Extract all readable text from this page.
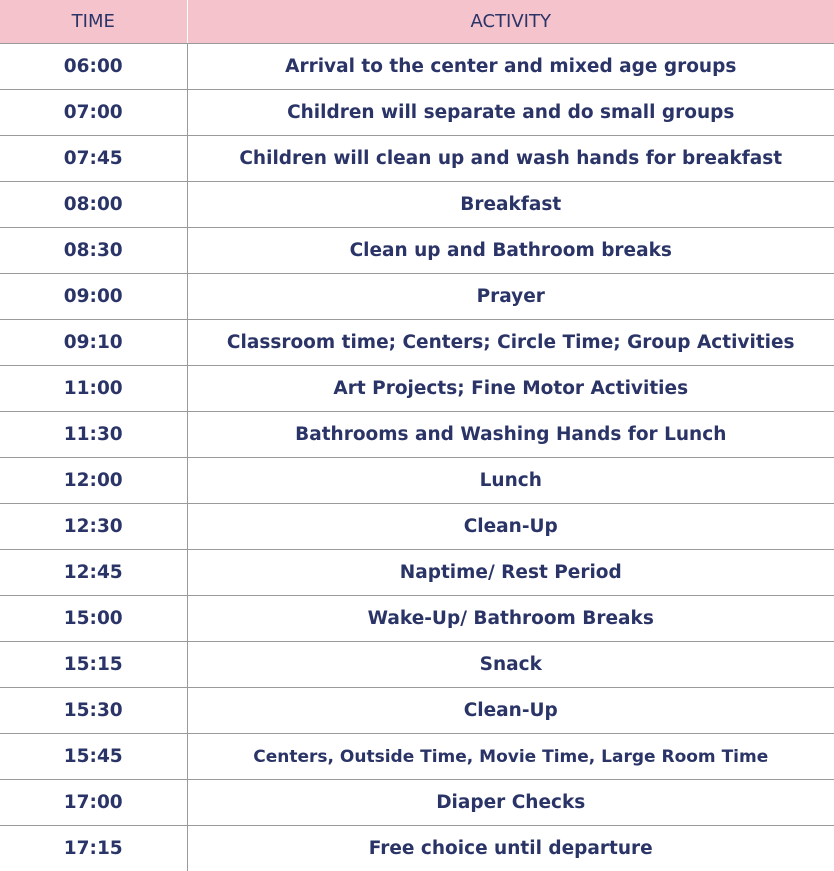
TIME	ACTIVITY
06:00	Arrival to the center and mixed age groups
07:00	Children will separate and do small groups
07:45	Children will clean up and wash hands for breakfast
08:00	Breakfast
08:30	Clean up and Bathroom breaks
09:00	Prayer
09:10	Classroom time; Centers; Circle Time; Group Activities
11:00	Art Projects; Fine Motor Activities
11:30	Bathrooms and Washing Hands for Lunch
12:00	Lunch
12:30	Clean-Up
12:45	Naptime/ Rest Period
15:00	Wake-Up/ Bathroom Breaks
15:15	Snack
15:30	Clean-Up
15:45	Centers, Outside Time, Movie Time, Large Room Time
17:00	Diaper Checks
17:15	Free choice until departure
